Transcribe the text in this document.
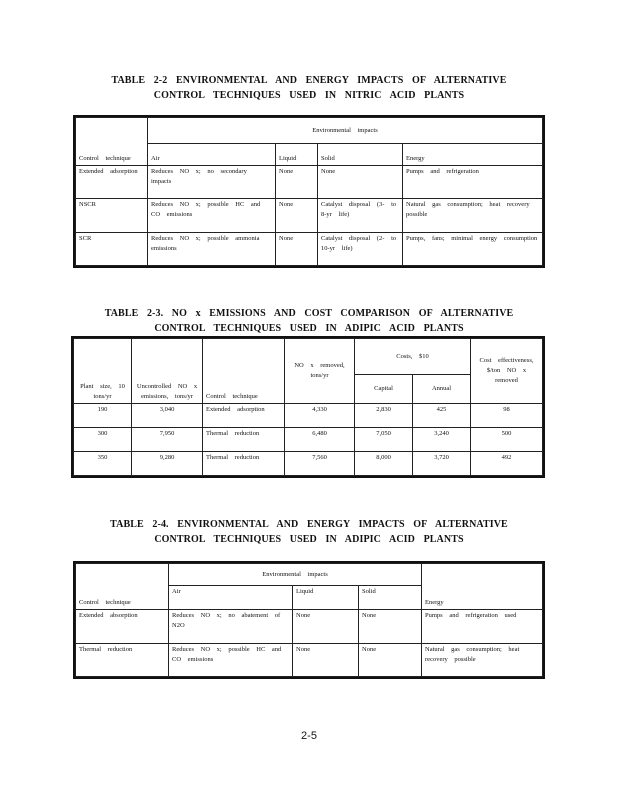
TABLE 2-2 ENVIRONMENTAL AND ENERGY IMPACTS OF ALTERNATIVE
CONTROL TECHNIQUES USED IN NITRIC ACID PLANTS
Control technique	Environmental impacts			
	Air	Liquid	Solid	Energy
Extended adsorption	Reduces NO x; no secondary impacts	None	None	Pumps and refrigeration
NSCR	Reduces NO x; possible HC and CO emissions	None	Catalyst disposal (3- to 8-yr life)	Natural gas consumption; heat recovery possible
SCR	Reduces NO x; possible ammonia emissions	None	Catalyst disposal (2- to 10-yr life)	Pumps, fans; minimal energy consumption
TABLE 2-3. NO x EMISSIONS AND COST COMPARISON OF ALTERNATIVE
CONTROL TECHNIQUES USED IN ADIPIC ACID PLANTS
Plant size, 10 tons/yr	Uncontrolled NO x emissions, tons/yr	Control technique	NO x removed, tons/yr	Costs, $10		Cost effectiveness, $/ton NO x removed
				Capital	Annual	
190	3,040	Extended adsorption	4,330	2,830	425	98
300	7,950	Thermal reduction	6,480	7,050	3,240	500
350	9,280	Thermal reduction	7,560	8,000	3,720	492
TABLE 2-4. ENVIRONMENTAL AND ENERGY IMPACTS OF ALTERNATIVE
CONTROL TECHNIQUES USED IN ADIPIC ACID PLANTS
Control technique	Environmental impacts			Energy
	Air	Liquid	Solid	
Extended absorption	Reduces NO x; no abatement of N2O	None	None	Pumps and refrigeration used
Thermal reduction	Reduces NO x; possible HC and CO emissions	None	None	Natural gas consumption; heat recovery possible
2-5
